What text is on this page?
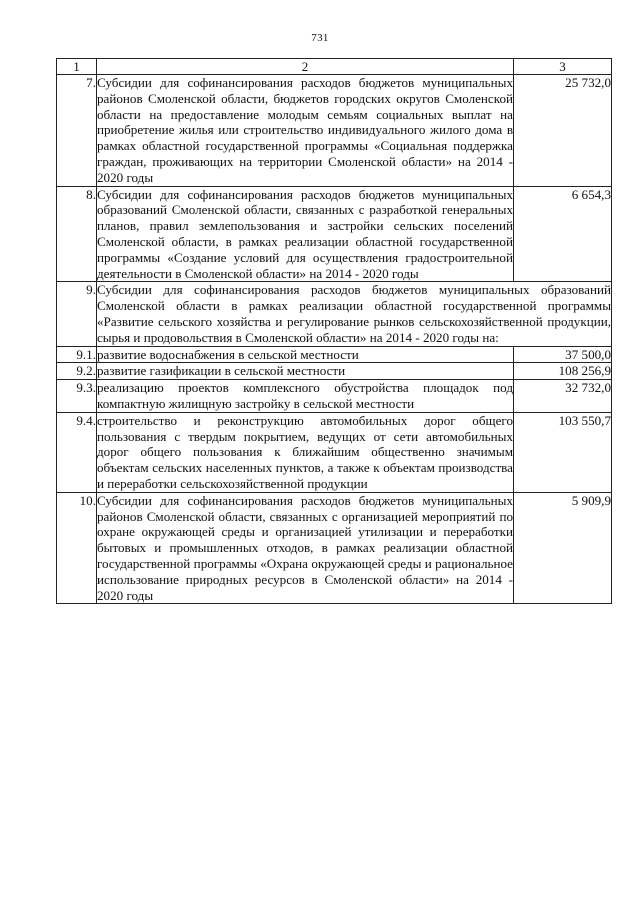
731
1	2	3
7.	Субсидии для софинансирования расходов бюджетов муниципальных районов Смоленской области, бюджетов городских округов Смоленской области на предоставление молодым семьям социальных выплат на приобретение жилья или строительство индивидуального жилого дома в рамках областной государственной программы «Социальная поддержка граждан, проживающих на территории Смоленской области» на 2014 - 2020 годы	25 732,0
8.	Субсидии для софинансирования расходов бюджетов муниципальных образований Смоленской области, связанных с разработкой генеральных планов, правил землепользования и застройки сельских поселений Смоленской области, в рамках реализации областной государственной программы «Создание условий для осуществления градостроительной деятельности в Смоленской области» на 2014 - 2020 годы	6 654,3
9.	Субсидии для софинансирования расходов бюджетов муниципальных образований Смоленской области в рамках реализации областной государственной программы «Развитие сельского хозяйства и регулирование рынков сельскохозяйственной продукции, сырья и продовольствия в Смоленской области» на 2014 - 2020 годы на:	
9.1.	развитие водоснабжения в сельской местности	37 500,0
9.2.	развитие газификации в сельской местности	108 256,9
9.3.	реализацию проектов комплексного обустройства площадок под компактную жилищную застройку в сельской местности	32 732,0
9.4.	строительство и реконструкцию автомобильных дорог общего пользования с твердым покрытием, ведущих от сети автомобильных дорог общего пользования к ближайшим общественно значимым объектам сельских населенных пунктов, а также к объектам производства и переработки сельскохозяйственной продукции	103 550,7
10.	Субсидии для софинансирования расходов бюджетов муниципальных районов Смоленской области, связанных с организацией мероприятий по охране окружающей среды и организацией утилизации и переработки бытовых и промышленных отходов, в рамках реализации областной государственной программы «Охрана окружающей среды и рациональное использование природных ресурсов в Смоленской области» на 2014 - 2020 годы	5 909,9
